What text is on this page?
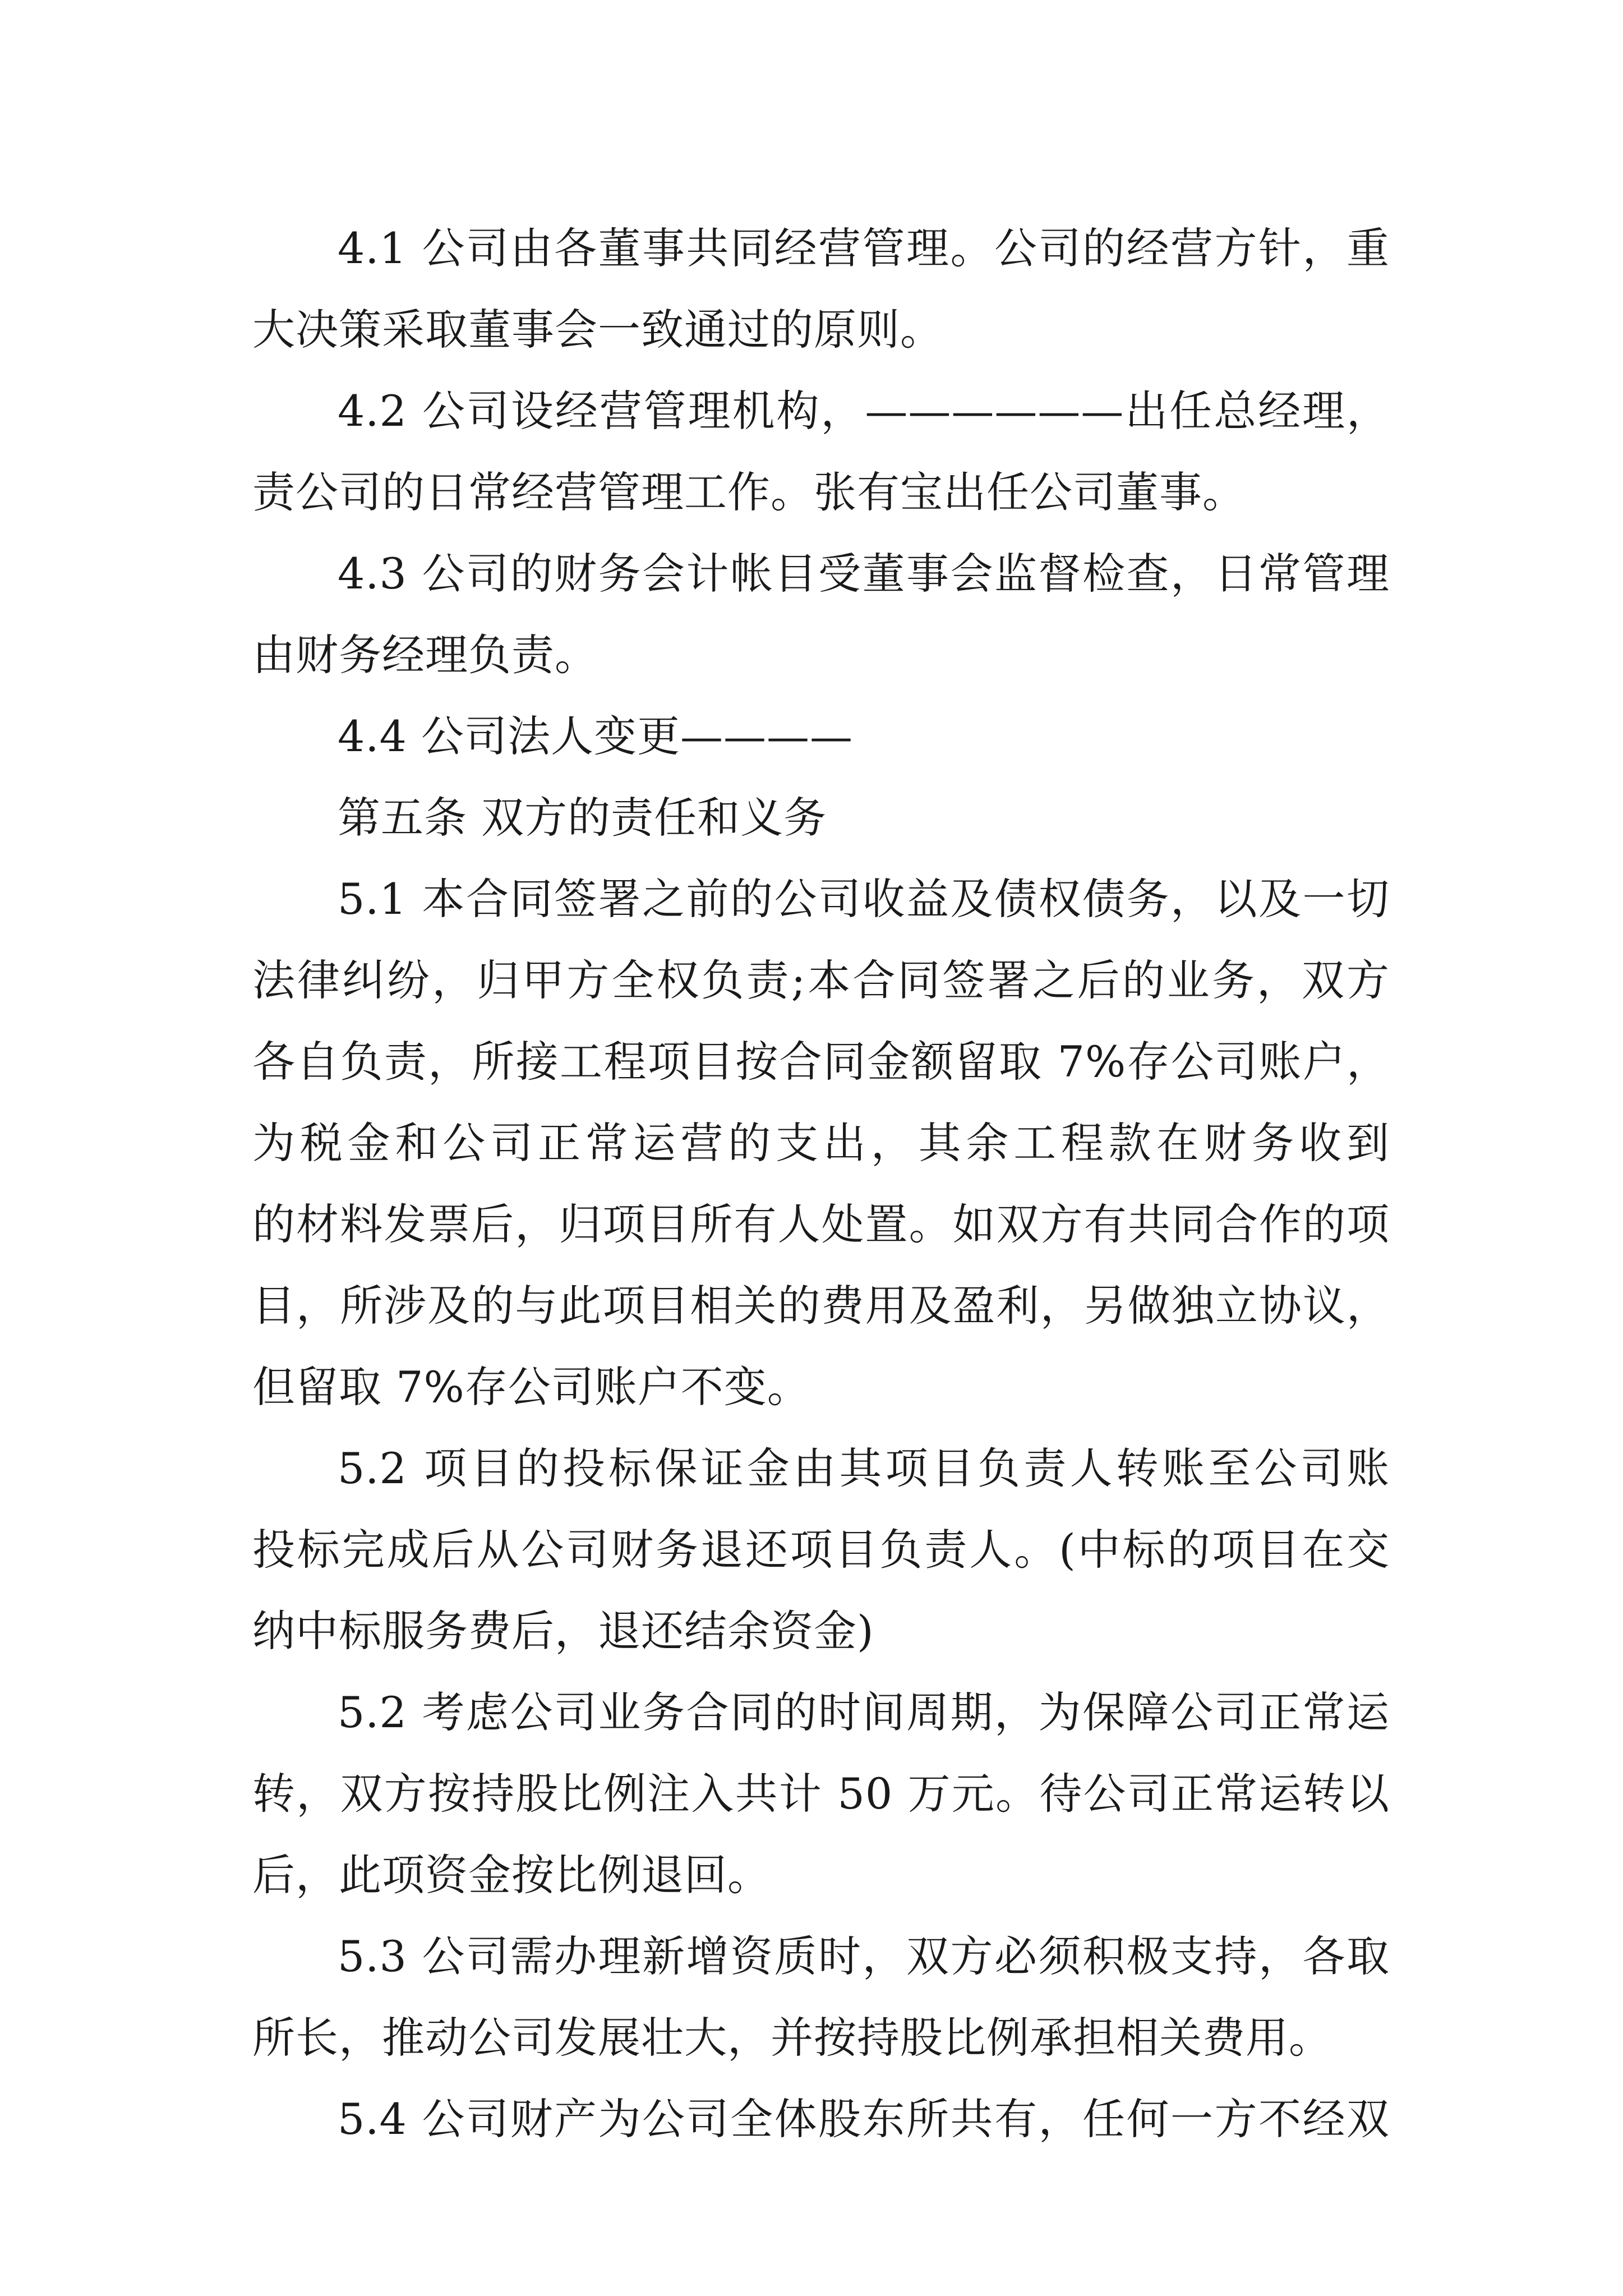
4.1 公司由各董事共同经营管理。公司的经营方针，重
大决策采取董事会一致通过的原则。
4.2 公司设经营管理机构，——————出任总经理，
责公司的日常经营管理工作。张有宝出任公司董事。
4.3 公司的财务会计帐目受董事会监督检查，日常管理
由财务经理负责。
4.4 公司法人变更————
第五条 双方的责任和义务
5.1 本合同签署之前的公司收益及债权债务，以及一切
法律纠纷，归甲方全权负责;本合同签署之后的业务，双方
各自负责，所接工程项目按合同金额留取 7%存公司账户，
为税金和公司正常运营的支出，其余工程款在财务收到
的材料发票后，归项目所有人处置。如双方有共同合作的项
目，所涉及的与此项目相关的费用及盈利，另做独立协议，
但留取 7%存公司账户不变。
5.2 项目的投标保证金由其项目负责人转账至公司账
投标完成后从公司财务退还项目负责人。(中标的项目在交
纳中标服务费后，退还结余资金)
5.2 考虑公司业务合同的时间周期，为保障公司正常运
转，双方按持股比例注入共计 50 万元。待公司正常运转以
后，此项资金按比例退回。
5.3 公司需办理新增资质时，双方必须积极支持，各取
所长，推动公司发展壮大，并按持股比例承担相关费用。
5.4 公司财产为公司全体股东所共有，任何一方不经双
